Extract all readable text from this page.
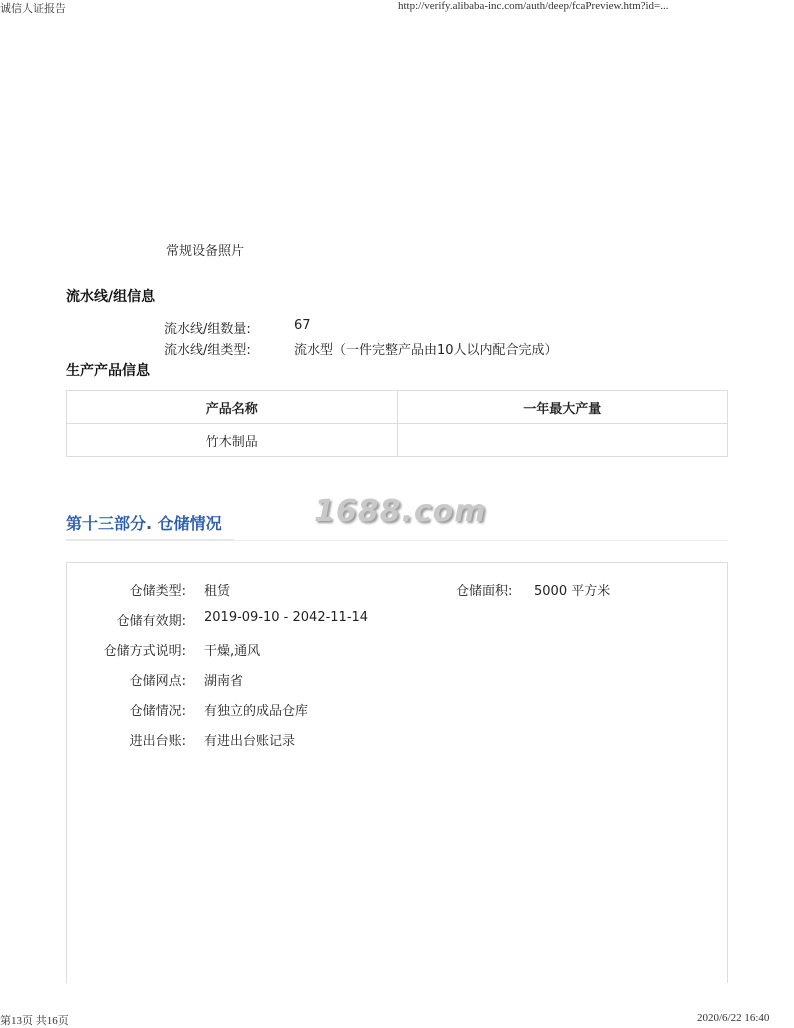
诚信人证报告	http://verify.alibaba-inc.com/auth/deep/fcaPreview.htm?id=...
常规设备照片
流水线/组信息
流水线/组数量:	67
流水线/组类型:	流水型（一件完整产品由10人以内配合完成）
生产产品信息
产品名称	一年最大产量
竹木制品	
第十三部分. 仓储情况	1688.com
仓储类型: 租赁	仓储面积: 5000 平方米
仓储有效期: 2019-09-10 - 2042-11-14
仓储方式说明: 干燥,通风
仓储网点: 湖南省
仓储情况: 有独立的成品仓库
进出台账: 有进出台账记录
第13页 共16页	2020/6/22 16:40
